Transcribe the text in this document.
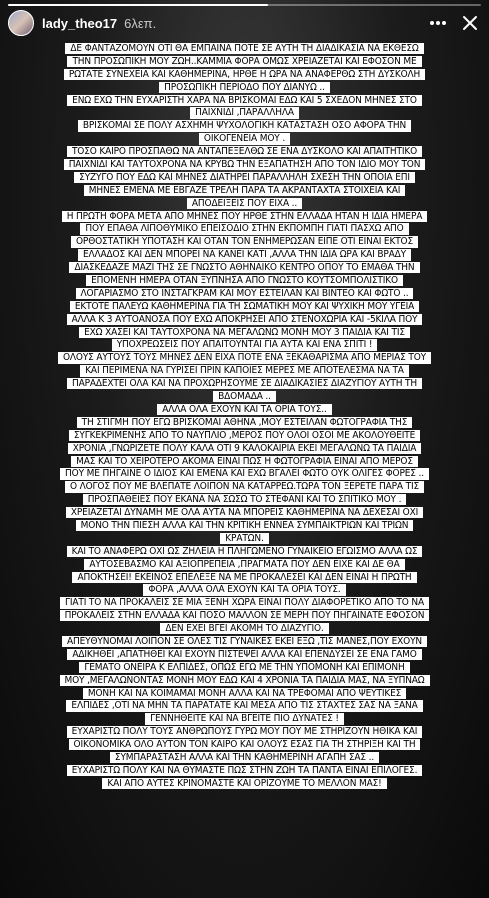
lady_theo17 6λεπ.
ΔΕ ΦΑΝΤΑΖΟΜΟΥΝ ΟΤΙ ΘΑ ΕΜΠΑΙΝΑ ΠΟΤΕ ΣΕ ΑΥΤΗ ΤΗ ΔΙΑΔΙΚΑΣΙΑ ΝΑ ΕΚΘΕΣΩ
ΤΗΝ ΠΡΟΣΩΠΙΚΗ ΜΟΥ ΖΩΗ..ΚΑΜΜΙΑ ΦΟΡΑ ΟΜΩΣ ΧΡΕΙΑΖΕΤΑΙ ΚΑΙ ΕΦΟΣΟΝ ΜΕ
ΡΩΤΑΤΕ ΣΥΝΕΧΕΙΑ ΚΑΙ ΚΑΘΗΜΕΡΙΝΑ, ΗΡΘΕ Η ΩΡΑ ΝΑ ΑΝΑΦΕΡΘΩ ΣΤΗ ΔΥΣΚΟΛΗ
ΠΡΟΣΩΠΙΚΗ ΠΕΡΙΟΔΟ ΠΟΥ ΔΙΑΝΥΩ ..
ΕΝΩ ΕΧΩ ΤΗΝ ΕΥΧΑΡΙΣΤΗ ΧΑΡΑ ΝΑ ΒΡΙΣΚΟΜΑΙ ΕΔΩ ΚΑΙ 5 ΣΧΕΔΟΝ ΜΗΝΕΣ ΣΤΟ
ΠΑΙΧΝΙΔΙ ,ΠΑΡΑΛΛΗΛΑ
ΒΡΙΣΚΟΜΑΙ ΣΕ ΠΟΛΥ ΑΣΧΗΜΗ ΨΥΧΟΛΟΓΙΚΗ ΚΑΤΑΣΤΑΣΗ ΟΣΟ ΑΦΟΡΑ ΤΗΝ
ΟΙΚΟΓΕΝΕΙΑ ΜΟΥ .
ΤΟΣΟ ΚΑΙΡΟ ΠΡΟΣΠΑΘΩ ΝΑ ΑΝΤΑΠΕΞΕΛΘΩ ΣΕ ΕΝΑ ΔΥΣΚΟΛΟ ΚΑΙ ΑΠΑΙΤΗΤΙΚΟ
ΠΑΙΧΝΙΔΙ ΚΑΙ ΤΑΥΤΟΧΡΟΝΑ ΝΑ ΚΡΥΒΩ ΤΗΝ ΕΞΑΠΑΤΗΣΗ ΑΠΟ ΤΟΝ ΙΔΙΟ ΜΟΥ ΤΟΝ
ΣΥΖΥΓΟ ΠΟΥ ΕΔΩ ΚΑΙ ΜΗΝΕΣ ΔΙΑΤΗΡΕΙ ΠΑΡΑΛΛΗΛΗ ΣΧΕΣΗ ΤΗΝ ΟΠΟΙΑ ΕΠΙ
ΜΗΝΕΣ ΕΜΕΝΑ ΜΕ ΕΒΓΑΖΕ ΤΡΕΛΗ ΠΑΡΑ ΤΑ ΑΚΡΑΝΤΑΧΤΑ ΣΤΟΙΧΕΙΑ ΚΑΙ
ΑΠΟΔΕΙΞΕΙΣ ΠΟΥ ΕΙΧΑ ..
Η ΠΡΩΤΗ ΦΟΡΑ ΜΕΤΑ ΑΠΟ ΜΗΝΕΣ ΠΟΥ ΗΡΘΕ ΣΤΗΝ ΕΛΛΑΔΑ ΗΤΑΝ Η ΙΔΙΑ ΗΜΕΡΑ
ΠΟΥ ΕΠΑΘΑ ΛΙΠΟΘΥΜΙΚΟ ΕΠΕΙΣΟΔΙΟ ΣΤΗΝ ΕΚΠΟΜΠΗ ΓΙΑΤΙ ΠΑΣΧΩ ΑΠΟ
ΟΡΘΟΣΤΑΤΙΚΗ ΥΠΟΤΑΣΗ ΚΑΙ ΟΤΑΝ ΤΟΝ ΕΝΗΜΕΡΩΣΑΝ ΕΙΠΕ ΟΤΙ ΕΙΝΑΙ ΕΚΤΟΣ
ΕΛΛΑΔΟΣ ΚΑΙ ΔΕΝ ΜΠΟΡΕΙ ΝΑ ΚΑΝΕΙ ΚΑΤΙ ,ΑΛΛΑ ΤΗΝ ΙΔΙΑ ΩΡΑ ΚΑΙ ΒΡΑΔΥ
ΔΙΑΣΚΕΔΑΖΕ ΜΑΖΙ ΤΗΣ ΣΕ ΓΝΩΣΤΟ ΑΘΗΝΑΙΚΟ ΚΕΝΤΡΟ ΟΠΟΥ ΤΟ ΕΜΑΘΑ ΤΗΝ
ΕΠΟΜΕΝΗ ΗΜΕΡΑ ΟΤΑΝ ΞΥΠΝΗΣΑ ΑΠΟ ΓΝΩΣΤΟ ΚΟΥΤΣΟΜΠΟΛΙΣΤΙΚΟ
ΛΟΓΑΡΙΑΣΜΟ ΣΤΟ ΙΝΣΤΑΓΚΡΑΜ ΚΑΙ ΜΟΥ ΕΣΤΕΙΛΑΝ ΚΑΙ ΒΙΝΤΕΟ ΚΑΙ ΦΩΤΟ ..
ΕΚΤΟΤΕ ΠΑΛΕΥΩ ΚΑΘΗΜΕΡΙΝΑ ΓΙΑ ΤΗ ΣΩΜΑΤΙΚΗ ΜΟΥ ΚΑΙ ΨΥΧΙΚΗ ΜΟΥ ΥΓΕΙΑ
ΑΛΛΑ Κ 3 ΑΥΤΟΑΝΟΣΑ ΠΟΥ ΕΧΩ ΑΠΟΚΡΗΣΕΙ ΑΠΟ ΣΤΕΝΟΧΩΡΙΑ ΚΑΙ -5ΚΙΛΑ ΠΟΥ
ΕΧΩ ΧΑΣΕΙ ΚΑΙ ΤΑΥΤΟΧΡΟΝΑ ΝΑ ΜΕΓΑΛΩΝΩ ΜΟΝΗ ΜΟΥ 3 ΠΑΙΔΙΑ ΚΑΙ ΤΙΣ
ΥΠΟΧΡΕΩΣΕΙΣ ΠΟΥ ΑΠΑΙΤΟΥΝΤΑΙ ΓΙΑ ΑΥΤΑ ΚΑΙ ΕΝΑ ΣΠΙΤΙ !
ΟΛΟΥΣ ΑΥΤΟΥΣ ΤΟΥΣ ΜΗΝΕΣ ΔΕΝ ΕΙΧΑ ΠΟΤΕ ΕΝΑ ΞΕΚΑΘΑΡΙΣΜΑ ΑΠΟ ΜΕΡΙΑΣ ΤΟΥ
ΚΑΙ ΠΕΡΙΜΕΝΑ ΝΑ ΓΥΡΙΣΕΙ ΠΡΙΝ ΚΑΠΟΙΕΣ ΜΕΡΕΣ ΜΕ ΑΠΟΤΕΛΕΣΜΑ ΝΑ ΤΑ
ΠΑΡΑΔΕΧΤΕΙ ΟΛΑ ΚΑΙ ΝΑ ΠΡΟΧΩΡΗΣΟΥΜΕ ΣΕ ΔΙΑΔΙΚΑΣΙΕΣ ΔΙΑΖΥΓΙΟΥ ΑΥΤΗ ΤΗ
ΒΔΟΜΑΔΑ ..
ΑΛΛΑ ΟΛΑ ΕΧΟΥΝ ΚΑΙ ΤΑ ΟΡΙΑ ΤΟΥΣ..
ΤΗ ΣΤΙΓΜΗ ΠΟΥ ΕΓΩ ΒΡΙΣΚΟΜΑΙ ΑΘΗΝΑ ,ΜΟΥ ΕΣΤΕΙΛΑΝ ΦΩΤΟΓΡΑΦΙΑ ΤΗΣ
ΣΥΓΚΕΚΡΙΜΕΝΗΣ ΑΠΟ ΤΟ ΝΑΥΠΛΙΟ ,ΜΕΡΟΣ ΠΟΥ ΟΛΟΙ ΟΣΟΙ ΜΕ ΑΚΟΛΟΥΘΕΙΤΕ
ΧΡΟΝΙΑ ,ΓΝΩΡΙΖΕΤΕ ΠΟΛΥ ΚΑΛΑ ΟΤΙ 9 ΚΑΛΟΚΑΙΡΙΑ ΕΚΕΙ ΜΕΓΑΛΩΝΩ ΤΑ ΠΑΙΔΙΑ
ΜΑΣ ΚΑΙ ΤΟ ΧΕΙΡΟΤΕΡΟ ΑΚΟΜΑ ΕΙΝΑΙ ΠΩΣ Η ΦΩΤΟΓΡΑΦΙΑ ΕΙΝΑΙ ΑΠΟ ΜΕΡΟΣ
ΠΟΥ ΜΕ ΠΗΓΑΙΝΕ Ο ΙΔΙΟΣ ΚΑΙ ΕΜΕΝΑ ΚΑΙ ΕΧΩ ΒΓΑΛΕΙ ΦΩΤΟ ΟΥΚ ΟΛΙΓΕΣ ΦΟΡΕΣ ..
Ο ΛΟΓΟΣ ΠΟΥ ΜΕ ΒΛΕΠΑΤΕ ΛΟΙΠΟΝ ΝΑ ΚΑΤΑΡΡΕΩ.ΤΩΡΑ ΤΟΝ ΞΕΡΕΤΕ ΠΑΡΑ ΤΙΣ
ΠΡΟΣΠΑΘΕΙΕΣ ΠΟΥ ΕΚΑΝΑ ΝΑ ΣΩΣΩ ΤΟ ΣΤΕΦΑΝΙ ΚΑΙ ΤΟ ΣΠΙΤΙΚΟ ΜΟΥ .
ΧΡΕΙΑΖΕΤΑΙ ΔΥΝΑΜΗ ΜΕ ΟΛΑ ΑΥΤΑ ΝΑ ΜΠΟΡΕΙΣ ΚΑΘΗΜΕΡΙΝΑ ΝΑ ΔΕΧΕΣΑΙ ΟΧΙ
ΜΟΝΟ ΤΗΝ ΠΙΕΣΗ ΑΛΛΑ ΚΑΙ ΤΗΝ ΚΡΙΤΙΚΗ ΕΝΝΕΑ ΣΥΜΠΑΙΚΤΡΙΩΝ ΚΑΙ ΤΡΙΩΝ
ΚΡΑΤΩΝ.
ΚΑΙ ΤΟ ΑΝΑΦΕΡΩ ΟΧΙ ΩΣ ΖΗΛΕΙΑ Η ΠΛΗΓΩΜΕΝΟ ΓΥΝΑΙΚΕΙΟ ΕΓΩΙΣΜΟ ΑΛΛΑ ΩΣ
ΑΥΤΟΣΕΒΑΣΜΟ ΚΑΙ ΑΞΙΟΠΡΕΠΕΙΑ ,ΠΡΑΓΜΑΤΑ ΠΟΥ ΔΕΝ ΕΙΧΕ ΚΑΙ ΔΕ ΘΑ
ΑΠΟΚΤΗΣΕΙ! ΕΚΕΙΝΟΣ ΕΠΕΛΕΞΕ ΝΑ ΜΕ ΠΡΟΚΑΛΕΣΕΙ ΚΑΙ ΔΕΝ ΕΙΝΑΙ Η ΠΡΩΤΗ
ΦΟΡΑ ,ΑΛΛΑ ΟΛΑ ΕΧΟΥΝ ΚΑΙ ΤΑ ΟΡΙΑ ΤΟΥΣ.
ΓΙΑΤΙ ΤΟ ΝΑ ΠΡΟΚΑΛΕΙΣ ΣΕ ΜΙΑ ΞΕΝΗ ΧΩΡΑ ΕΙΝΑΙ ΠΟΛΥ ΔΙΑΦΟΡΕΤΙΚΟ ΑΠΟ ΤΟ ΝΑ
ΠΡΟΚΑΛΕΙΣ ΣΤΗΝ ΕΛΛΑΔΑ ΚΑΙ ΠΟΣΟ ΜΑΛΛΟΝ ΣΕ ΜΕΡΗ ΠΟΥ ΠΗΓΑΙΝΑΤΕ ΕΦΟΣΟΝ
ΔΕΝ ΕΧΕΙ ΒΓΕΙ ΑΚΟΜΗ ΤΟ ΔΙΑΖΥΓΙΟ.
ΑΠΕΥΘΥΝΟΜΑΙ ΛΟΙΠΟΝ ΣΕ ΟΛΕΣ ΤΙΣ ΓΥΝΑΙΚΕΣ ΕΚΕΙ ΕΞΩ ,ΤΙΣ ΜΑΝΕΣ,ΠΟΥ ΕΧΟΥΝ
ΑΔΙΚΗΘΕΙ ,ΑΠΑΤΗΘΕΙ ΚΑΙ ΕΧΟΥΝ ΠΙΣΤΕΨΕΙ ΑΛΛΑ ΚΑΙ ΕΠΕΝΔΥΣΕΙ ΣΕ ΕΝΑ ΓΑΜΟ
ΓΕΜΑΤΟ ΟΝΕΙΡΑ Κ ΕΛΠΙΔΕΣ, ΟΠΩΣ ΕΓΩ ΜΕ ΤΗΝ ΥΠΟΜΟΝΗ ΚΑΙ ΕΠΙΜΟΝΗ
ΜΟΥ ,ΜΕΓΑΛΩΝΟΝΤΑΣ ΜΟΝΗ ΜΟΥ ΕΔΩ ΚΑΙ 4 ΧΡΟΝΙΑ ΤΑ ΠΑΙΔΙΑ ΜΑΣ, ΝΑ ΞΥΠΝΑΩ
ΜΟΝΗ ΚΑΙ ΝΑ ΚΟΙΜΑΜΑΙ ΜΟΝΗ ΑΛΛΑ ΚΑΙ ΝΑ ΤΡΕΦΟΜΑΙ ΑΠΟ ΨΕΥΤΙΚΕΣ
ΕΛΠΙΔΕΣ ,ΟΤΙ ΝΑ ΜΗΝ ΤΑ ΠΑΡΑΤΑΤΕ ΚΑΙ ΜΕΣΑ ΑΠΟ ΤΙΣ ΣΤΑΧΤΕΣ ΣΑΣ ΝΑ ΞΑΝΑ
ΓΕΝΝΗΘΕΙΤΕ ΚΑΙ ΝΑ ΒΓΕΙΤΕ ΠΙΟ ΔΥΝΑΤΕΣ !
ΕΥΧΑΡΙΣΤΩ ΠΟΛΥ ΤΟΥΣ ΑΝΘΡΩΠΟΥΣ ΓΥΡΩ ΜΟΥ ΠΟΥ ΜΕ ΣΤΗΡΙΖΟΥΝ ΗΘΙΚΑ ΚΑΙ
ΟΙΚΟΝΟΜΙΚΑ ΟΛΟ ΑΥΤΟΝ ΤΟΝ ΚΑΙΡΟ ΚΑΙ ΟΛΟΥΣ ΕΣΑΣ ΓΙΑ ΤΗ ΣΤΗΡΙΞΗ ΚΑΙ ΤΗ
ΣΥΜΠΑΡΑΣΤΑΣΗ ΑΛΛΑ ΚΑΙ ΤΗΝ ΚΑΘΗΜΕΡΙΝΗ ΑΓΑΠΗ ΣΑΣ ..
ΕΥΧΑΡΙΣΤΩ ΠΟΛΥ ΚΑΙ ΝΑ ΘΥΜΑΣΤΕ ΠΩΣ ΣΤΗΝ ΖΩΗ ΤΑ ΠΑΝΤΑ ΕΙΝΑΙ ΕΠΙΛΟΓΕΣ.
ΚΑΙ ΑΠΟ ΑΥΤΕΣ ΚΡΙΝΟΜΑΣΤΕ ΚΑΙ ΟΡΙΖΟΥΜΕ ΤΟ ΜΕΛΛΟΝ ΜΑΣ!
